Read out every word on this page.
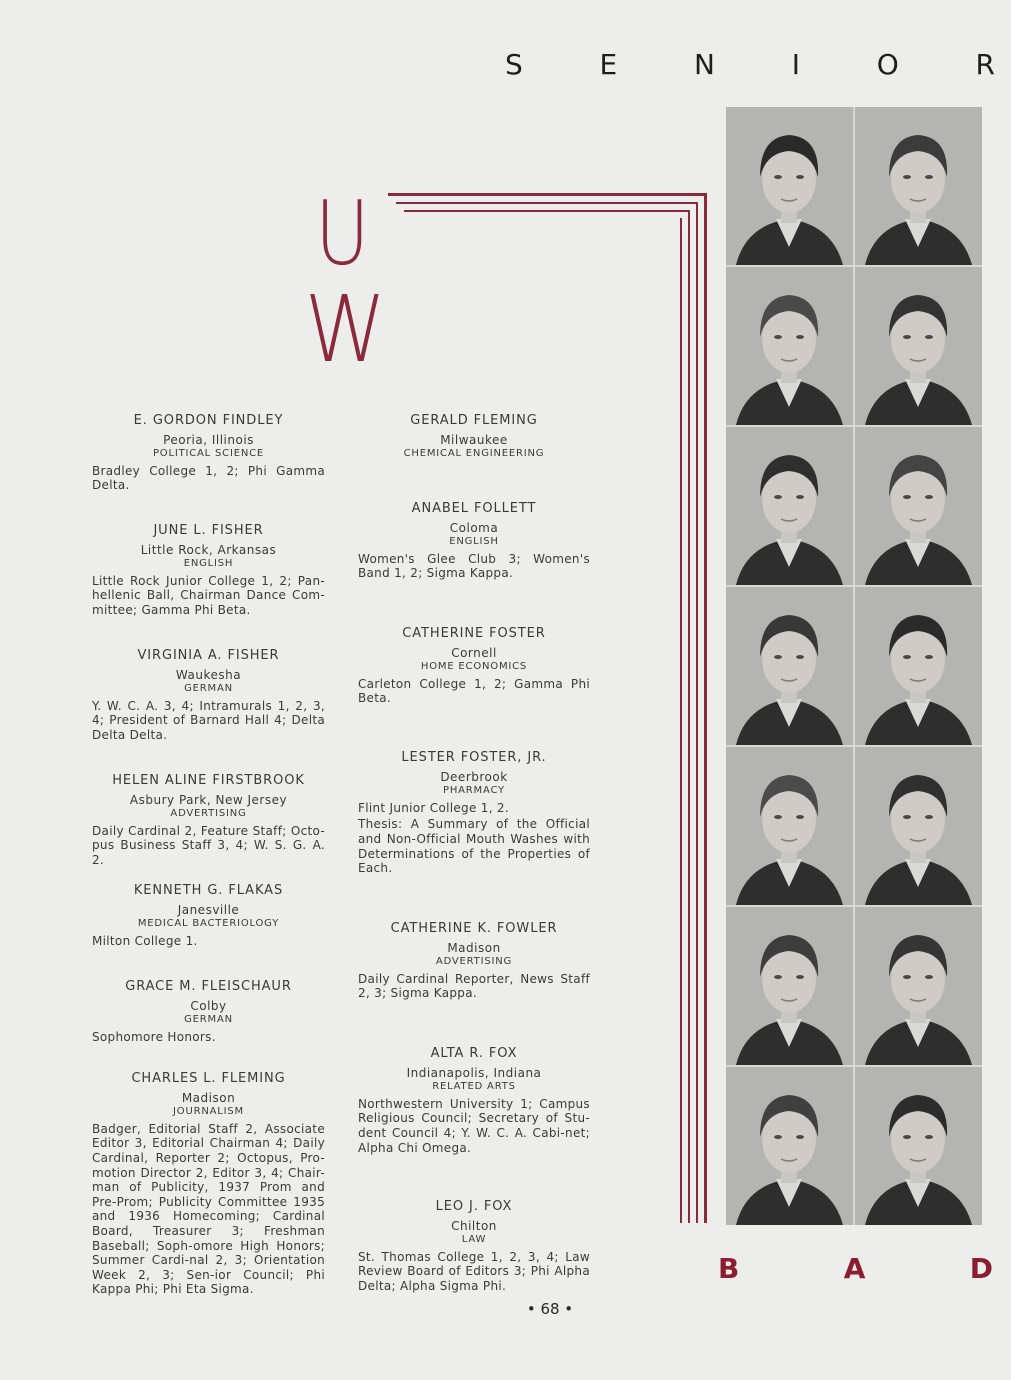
S	E	N	I	O	R
U
W
E. GORDON FINDLEY
Peoria, Illinois
POLITICAL SCIENCE
Bradley College 1, 2; Phi Gamma Delta.
JUNE L. FISHER
Little Rock, Arkansas
ENGLISH
Little Rock Junior College 1, 2; Pan-hellenic Ball, Chairman Dance Com-mittee; Gamma Phi Beta.
VIRGINIA A. FISHER
Waukesha
GERMAN
Y. W. C. A. 3, 4; Intramurals 1, 2, 3, 4; President of Barnard Hall 4; Delta Delta Delta.
HELEN ALINE FIRSTBROOK
Asbury Park, New Jersey
ADVERTISING
Daily Cardinal 2, Feature Staff; Octo-pus Business Staff 3, 4; W. S. G. A. 2.
KENNETH G. FLAKAS
Janesville
MEDICAL BACTERIOLOGY
Milton College 1.
GRACE M. FLEISCHAUR
Colby
GERMAN
Sophomore Honors.
CHARLES L. FLEMING
Madison
JOURNALISM
Badger, Editorial Staff 2, Associate Editor 3, Editorial Chairman 4; Daily Cardinal, Reporter 2; Octopus, Pro-motion Director 2, Editor 3, 4; Chair-man of Publicity, 1937 Prom and Pre-Prom; Publicity Committee 1935 and 1936 Homecoming; Cardinal Board, Treasurer 3; Freshman Baseball; Soph-omore High Honors; Summer Cardi-nal 2, 3; Orientation Week 2, 3; Sen-ior Council; Phi Kappa Phi; Phi Eta Sigma.
GERALD FLEMING
Milwaukee
CHEMICAL ENGINEERING
ANABEL FOLLETT
Coloma
ENGLISH
Women's Glee Club 3; Women's Band 1, 2; Sigma Kappa.
CATHERINE FOSTER
Cornell
HOME ECONOMICS
Carleton College 1, 2; Gamma Phi Beta.
LESTER FOSTER, JR.
Deerbrook
PHARMACY
Flint Junior College 1, 2.
Thesis: A Summary of the Official and Non-Official Mouth Washes with Determinations of the Properties of Each.
CATHERINE K. FOWLER
Madison
ADVERTISING
Daily Cardinal Reporter, News Staff 2, 3; Sigma Kappa.
ALTA R. FOX
Indianapolis, Indiana
RELATED ARTS
Northwestern University 1; Campus Religious Council; Secretary of Stu-dent Council 4; Y. W. C. A. Cabi-net; Alpha Chi Omega.
LEO J. FOX
Chilton
LAW
St. Thomas College 1, 2, 3, 4; Law Review Board of Editors 3; Phi Alpha Delta; Alpha Sigma Phi.
B	A	D
• 68 •
